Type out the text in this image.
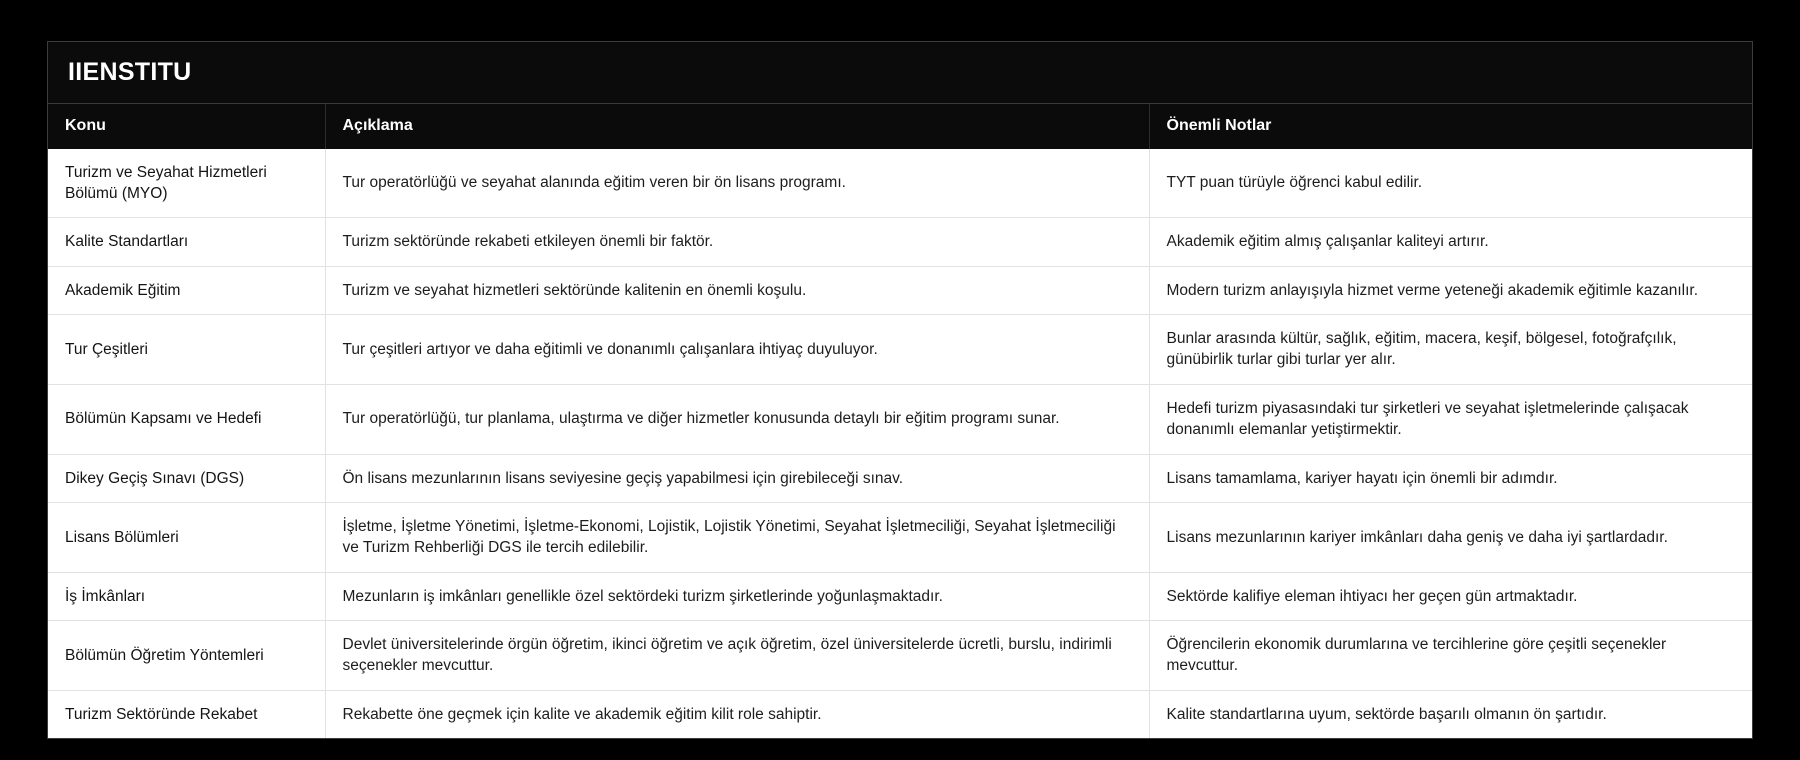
IIENSTITU
Konu	Açıklama	Önemli Notlar
Turizm ve Seyahat Hizmetleri Bölümü (MYO)	Tur operatörlüğü ve seyahat alanında eğitim veren bir ön lisans programı.	TYT puan türüyle öğrenci kabul edilir.
Kalite Standartları	Turizm sektöründe rekabeti etkileyen önemli bir faktör.	Akademik eğitim almış çalışanlar kaliteyi artırır.
Akademik Eğitim	Turizm ve seyahat hizmetleri sektöründe kalitenin en önemli koşulu.	Modern turizm anlayışıyla hizmet verme yeteneği akademik eğitimle kazanılır.
Tur Çeşitleri	Tur çeşitleri artıyor ve daha eğitimli ve donanımlı çalışanlara ihtiyaç duyuluyor.	Bunlar arasında kültür, sağlık, eğitim, macera, keşif, bölgesel, fotoğrafçılık, günübirlik turlar gibi turlar yer alır.
Bölümün Kapsamı ve Hedefi	Tur operatörlüğü, tur planlama, ulaştırma ve diğer hizmetler konusunda detaylı bir eğitim programı sunar.	Hedefi turizm piyasasındaki tur şirketleri ve seyahat işletmelerinde çalışacak donanımlı elemanlar yetiştirmektir.
Dikey Geçiş Sınavı (DGS)	Ön lisans mezunlarının lisans seviyesine geçiş yapabilmesi için girebileceği sınav.	Lisans tamamlama, kariyer hayatı için önemli bir adımdır.
Lisans Bölümleri	İşletme, İşletme Yönetimi, İşletme-Ekonomi, Lojistik, Lojistik Yönetimi, Seyahat İşletmeciliği, Seyahat İşletmeciliği ve Turizm Rehberliği DGS ile tercih edilebilir.	Lisans mezunlarının kariyer imkânları daha geniş ve daha iyi şartlardadır.
İş İmkânları	Mezunların iş imkânları genellikle özel sektördeki turizm şirketlerinde yoğunlaşmaktadır.	Sektörde kalifiye eleman ihtiyacı her geçen gün artmaktadır.
Bölümün Öğretim Yöntemleri	Devlet üniversitelerinde örgün öğretim, ikinci öğretim ve açık öğretim, özel üniversitelerde ücretli, burslu, indirimli seçenekler mevcuttur.	Öğrencilerin ekonomik durumlarına ve tercihlerine göre çeşitli seçenekler mevcuttur.
Turizm Sektöründe Rekabet	Rekabette öne geçmek için kalite ve akademik eğitim kilit role sahiptir.	Kalite standartlarına uyum, sektörde başarılı olmanın ön şartıdır.
